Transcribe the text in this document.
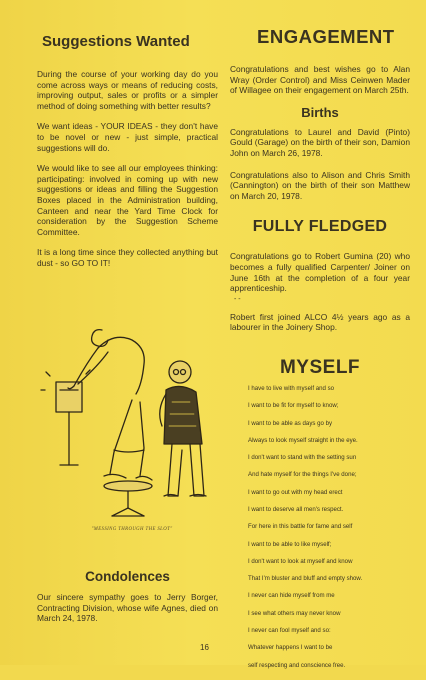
Suggestions Wanted

During the course of your working day do you come across ways or means of reducing costs, improving output, sales or profits or a simpler method of doing something with better results?

We want ideas - YOUR IDEAS - they don't have to be novel or new - just simple, practical suggestions will do.

We would like to see all our employees thinking: participating: involved in coming up with new suggestions or ideas and filling the Suggestion Boxes placed in the Administration building, Canteen and near the Yard Time Clock for consideration by the Suggestion Scheme Committee.

It is a long time since they collected anything but dust - so GO TO IT!

"MESSING THROUGH THE SLOT"
Condolences

Our sincere sympathy goes to Jerry Borger, Contracting Division, whose wife Agnes, died on March 24, 1978.

ENGAGEMENT

Congratulations and best wishes go to Alan Wray (Order Control) and Miss Ceinwen Mader of Willagee on their engagement on March 25th.

Births

Congratulations to Laurel and David (Pinto) Gould (Garage) on the birth of their son, Damion John on March 26, 1978.

Congratulations also to Alison and Chris Smith (Cannington) on the birth of their son Matthew on March 20, 1978.

FULLY FLEDGED

Congratulations go to Robert Gumina (20) who becomes a fully qualified Carpenter/ Joiner on June 16th at the completion of a four year apprenticeship.

- -

Robert first joined ALCO 4½ years ago as a labourer in the Joinery Shop.

MYSELF
I have to live with myself and so
I want to be fit for myself to know;
I want to be able as days go by
Always to look myself straight in the eye.
I don't want to stand with the setting sun
And hate myself for the things I've done;
I want to go out with my head erect
I want to deserve all men's respect.
For here in this battle for fame and self
I want to be able to like myself;
I don't want to look at myself and know
That I'm bluster and bluff and empty show.
I never can hide myself from me
I see what others may never know
I never can fool myself and so:
Whatever happens I want to be
self respecting and conscience free.
16
